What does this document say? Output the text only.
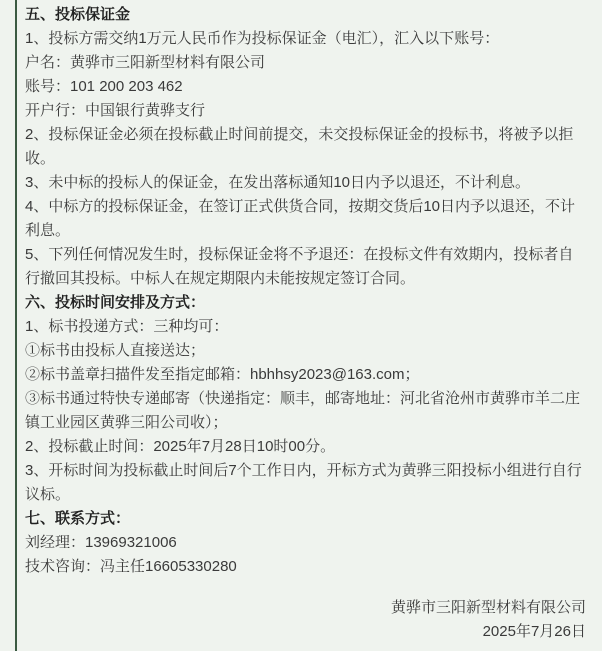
五、投标保证金

1、投标方需交纳1万元人民币作为投标保证金（电汇），汇入以下账号：

户名：黄骅市三阳新型材料有限公司

账号：101 200 203 462

开户行：中国银行黄骅支行

2、投标保证金必须在投标截止时间前提交，未交投标保证金的投标书，将被予以拒收。

3、未中标的投标人的保证金，在发出落标通知10日内予以退还，不计利息。

4、中标方的投标保证金，在签订正式供货合同，按期交货后10日内予以退还，不计利息。

5、下列任何情况发生时，投标保证金将不予退还：在投标文件有效期内，投标者自行撤回其投标。中标人在规定期限内未能按规定签订合同。

六、投标时间安排及方式：

1、标书投递方式：三种均可：

①标书由投标人直接送达；

②标书盖章扫描件发至指定邮箱：hbhhsy2023@163.com；

③标书通过特快专递邮寄（快递指定：顺丰，邮寄地址：河北省沧州市黄骅市羊二庄镇工业园区黄骅三阳公司收）；

2、投标截止时间：2025年7月28日10时00分。

3、开标时间为投标截止时间后7个工作日内，开标方式为黄骅三阳投标小组进行自行议标。

七、联系方式：

刘经理：13969321006

技术咨询：冯主任16605330280

黄骅市三阳新型材料有限公司

2025年7月26日
